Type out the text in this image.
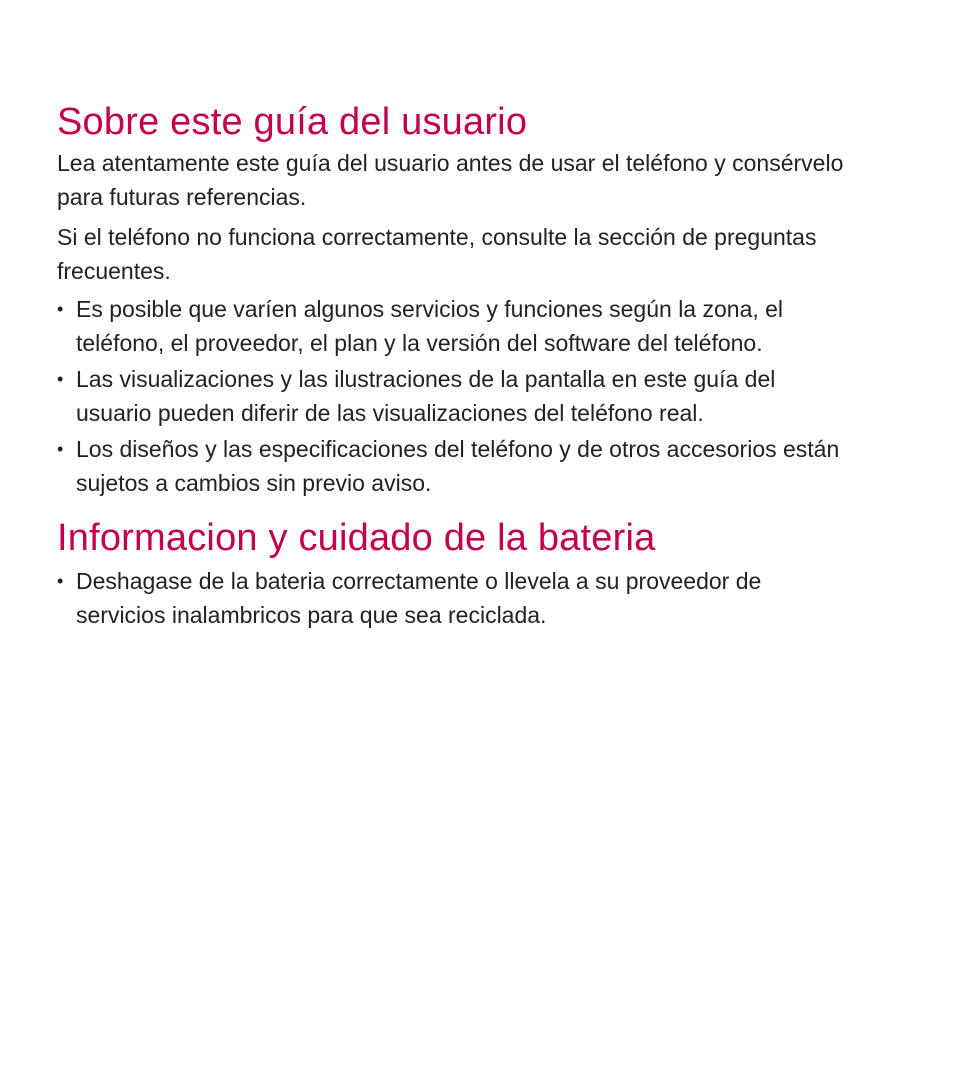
Sobre este guía del usuario

Lea atentamente este guía del usuario antes de usar el teléfono y consérvelo para futuras referencias.

Si el teléfono no funciona correctamente, consulte la sección de preguntas frecuentes.

• Es posible que varíen algunos servicios y funciones según la zona, el teléfono, el proveedor, el plan y la versión del software del teléfono.
• Las visualizaciones y las ilustraciones de la pantalla en este guía del usuario pueden diferir de las visualizaciones del teléfono real.
• Los diseños y las especificaciones del teléfono y de otros accesorios están sujetos a cambios sin previo aviso.
Informacion y cuidado de la bateria
• Deshagase de la bateria correctamente o llevela a su proveedor de servicios inalambricos para que sea reciclada.
